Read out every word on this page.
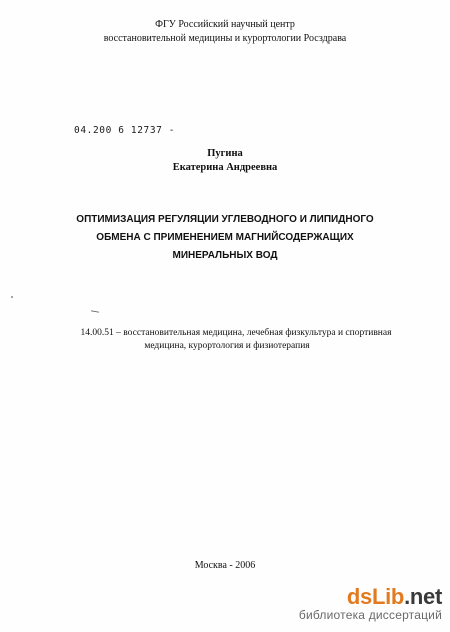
ФГУ Российский научный центр
восстановительной медицины и курортологии Росздрава
04.200 6 12737 -
Пугина
Екатерина Андреевна
ОПТИМИЗАЦИЯ РЕГУЛЯЦИИ УГЛЕВОДНОГО И ЛИПИДНОГО
ОБМЕНА С ПРИМЕНЕНИЕМ МАГНИЙСОДЕРЖАЩИХ
МИНЕРАЛЬНЫХ ВОД
14.00.51 – восстановительная медицина, лечебная физкультура и спортивная
медицина, курортология и физиотерапия
Москва - 2006
dsLib.net
библиотека диссертаций
